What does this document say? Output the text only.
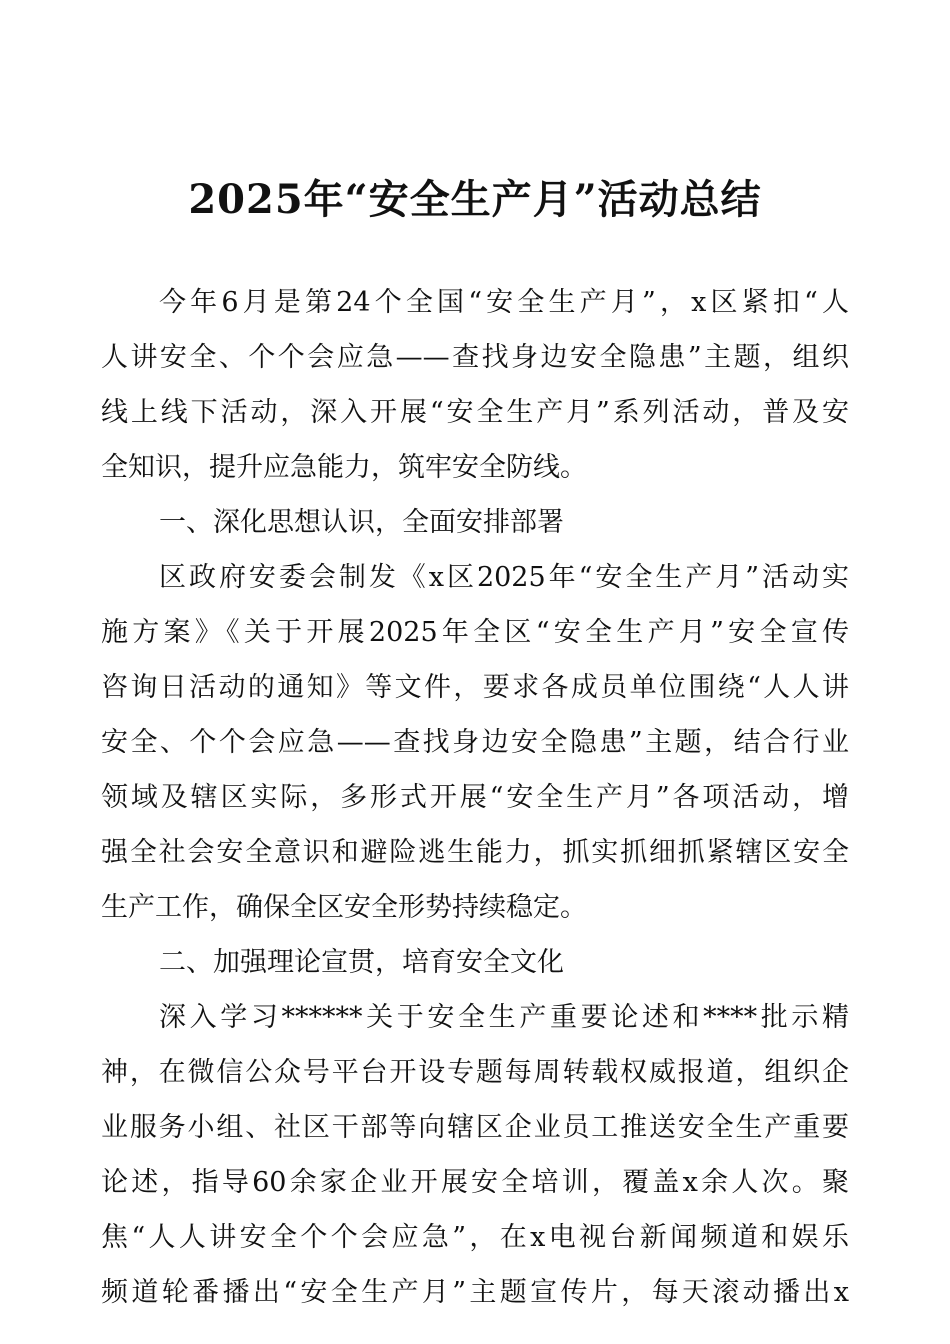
2025年“安全生产月”活动总结
今年6月是第24个全国“安全生产月”，x区紧扣“人
人讲安全、个个会应急——查找身边安全隐患”主题，组织
线上线下活动，深入开展“安全生产月”系列活动，普及安
全知识，提升应急能力，筑牢安全防线。
一、深化思想认识，全面安排部署
区政府安委会制发《x区2025年“安全生产月”活动实
施方案》《关于开展2025年全区“安全生产月”安全宣传
咨询日活动的通知》等文件，要求各成员单位围绕“人人讲
安全、个个会应急——查找身边安全隐患”主题，结合行业
领域及辖区实际，多形式开展“安全生产月”各项活动，增
强全社会安全意识和避险逃生能力，抓实抓细抓紧辖区安全
生产工作，确保全区安全形势持续稳定。
二、加强理论宣贯，培育安全文化
深入学习******关于安全生产重要论述和****批示精
神，在微信公众号平台开设专题每周转载权威报道，组织企
业服务小组、社区干部等向辖区企业员工推送安全生产重要
论述，指导60余家企业开展安全培训，覆盖x余人次。聚
焦“人人讲安全个个会应急”，在x电视台新闻频道和娱乐
频道轮番播出“安全生产月”主题宣传片，每天滚动播出x
